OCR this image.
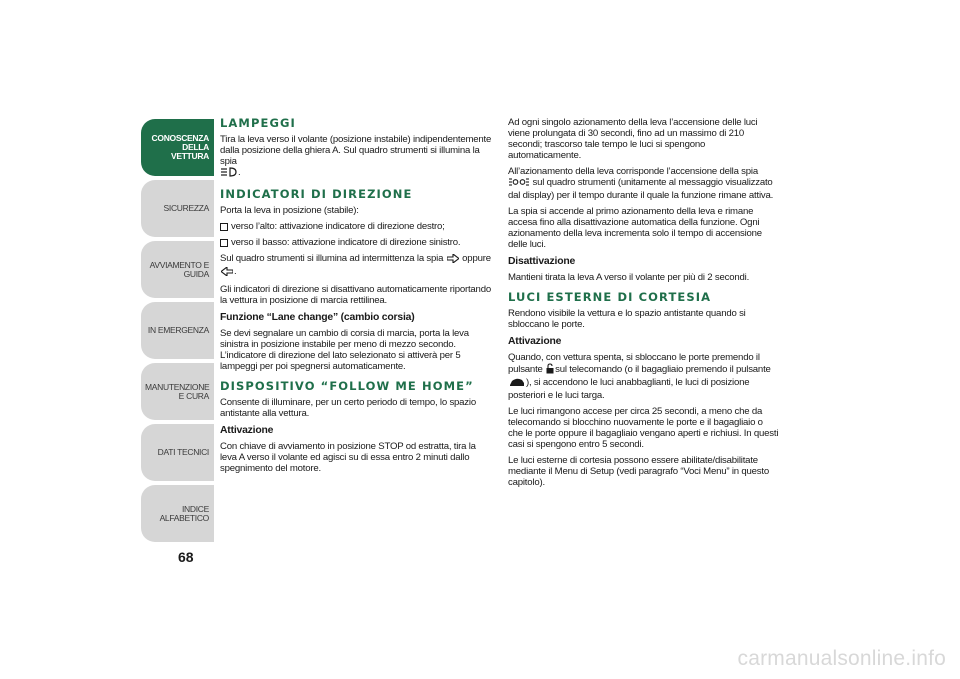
CONOSCENZA DELLA VETTURA
SICUREZZA
AVVIAMENTO E GUIDA
IN EMERGENZA
MANUTENZIONE E CURA
DATI TECNICI
INDICE ALFABETICO
68
LAMPEGGI

Tira la leva verso il volante (posizione instabile) indipendentemente dalla posizione della ghiera A. Sul quadro strumenti si illumina la spia
.

INDICATORI DI DIREZIONE

Porta la leva in posizione (stabile):

verso l’alto: attivazione indicatore di direzione destro;
verso il basso: attivazione indicatore di direzione sinistro.

Sul quadro strumenti si illumina ad intermittenza la spia oppure
.

Gli indicatori di direzione si disattivano automaticamente riportando la vettura in posizione di marcia rettilinea.

Funzione “Lane change” (cambio corsia)

Se devi segnalare un cambio di corsia di marcia, porta la leva sinistra in posizione instabile per meno di mezzo secondo. L’indicatore di direzione del lato selezionato si attiverà per 5 lampeggi per poi spegnersi automaticamente.

DISPOSITIVO “FOLLOW ME HOME”

Consente di illuminare, per un certo periodo di tempo, lo spazio antistante alla vettura.

Attivazione

Con chiave di avviamento in posizione STOP od estratta, tira la leva A verso il volante ed agisci su di essa entro 2 minuti dallo spegnimento del motore.

Ad ogni singolo azionamento della leva l’accensione delle luci viene prolungata di 30 secondi, fino ad un massimo di 210 secondi; trascorso tale tempo le luci si spengono automaticamente.

All’azionamento della leva corrisponde l’accensione della spia
sul quadro strumenti (unitamente al messaggio visualizzato dal display) per il tempo durante il quale la funzione rimane attiva.

La spia si accende al primo azionamento della leva e rimane accesa fino alla disattivazione automatica della funzione. Ogni azionamento della leva incrementa solo il tempo di accensione delle luci.

Disattivazione

Mantieni tirata la leva A verso il volante per più di 2 secondi.

LUCI ESTERNE DI CORTESIA

Rendono visibile la vettura e lo spazio antistante quando si sbloccano le porte.

Attivazione

Quando, con vettura spenta, si sbloccano le porte premendo il pulsante sul telecomando (o il bagagliaio premendo il pulsante
), si accendono le luci anabbaglianti, le luci di posizione posteriori e le luci targa.

Le luci rimangono accese per circa 25 secondi, a meno che da telecomando si blocchino nuovamente le porte e il bagagliaio o che le porte oppure il bagagliaio vengano aperti e richiusi. In questi casi si spengono entro 5 secondi.

Le luci esterne di cortesia possono essere abilitate/disabilitate mediante il Menu di Setup (vedi paragrafo “Voci Menu” in questo capitolo).

carmanualsonline.info
